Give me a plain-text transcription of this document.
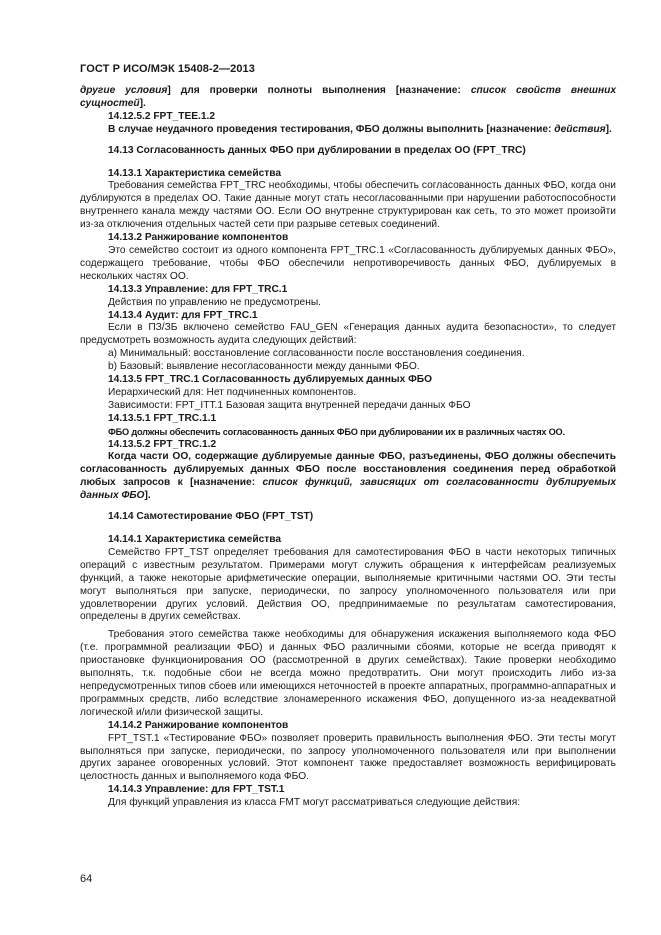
ГОСТ Р ИСО/МЭК 15408-2—2013

другие условия] для проверки полноты выполнения [назначение: список свойств внешних сущностей].

14.12.5.2 FPT_TEE.1.2

В случае неудачного проведения тестирования, ФБО должны выполнить [назначение: действия].

14.13 Согласованность данных ФБО при дублировании в пределах ОО (FPT_TRC)

14.13.1 Характеристика семейства

Требования семейства FPT_TRC необходимы, чтобы обеспечить согласованность данных ФБО, когда они дублируются в пределах ОО. Такие данные могут стать несогласованными при нарушении работоспособности внутреннего канала между частями ОО. Если ОО внутренне структурирован как сеть, то это может произойти из-за отключения отдельных частей сети при разрыве сетевых соединений.

14.13.2 Ранжирование компонентов

Это семейство состоит из одного компонента FPT_TRC.1 «Согласованность дублируемых данных ФБО», содержащего требование, чтобы ФБО обеспечили непротиворечивость данных ФБО, дублируемых в нескольких частях ОО.

14.13.3 Управление: для FPT_TRC.1

Действия по управлению не предусмотрены.

14.13.4 Аудит: для FPT_TRC.1

Если в ПЗ/ЗБ включено семейство FAU_GEN «Генерация данных аудита безопасности», то следует предусмотреть возможность аудита следующих действий:

a) Минимальный: восстановление согласованности после восстановления соединения.

b) Базовый: выявление несогласованности между данными ФБО.

14.13.5 FPT_TRC.1 Согласованность дублируемых данных ФБО

Иерархический для: Нет подчиненных компонентов.

Зависимости: FPT_ITT.1 Базовая защита внутренней передачи данных ФБО

14.13.5.1 FPT_TRC.1.1

ФБО должны обеспечить согласованность данных ФБО при дублировании их в различных частях ОО.

14.13.5.2 FPT_TRC.1.2

Когда части ОО, содержащие дублируемые данные ФБО, разъединены, ФБО должны обеспечить согласованность дублируемых данных ФБО после восстановления соединения перед обработкой любых запросов к [назначение: список функций, зависящих от согласованности дублируемых данных ФБО].

14.14 Самотестирование ФБО (FPT_TST)

14.14.1 Характеристика семейства

Семейство FPT_TST определяет требования для самотестирования ФБО в части некоторых типичных операций с известным результатом. Примерами могут служить обращения к интерфейсам реализуемых функций, а также некоторые арифметические операции, выполняемые критичными частями ОО. Эти тесты могут выполняться при запуске, периодически, по запросу уполномоченного пользователя или при удовлетворении других условий. Действия ОО, предпринимаемые по результатам самотестирования, определены в других семействах.

Требования этого семейства также необходимы для обнаружения искажения выполняемого кода ФБО (т.е. программной реализации ФБО) и данных ФБО различными сбоями, которые не всегда приводят к приостановке функционирования ОО (рассмотренной в других семействах). Такие проверки необходимо выполнять, т.к. подобные сбои не всегда можно предотвратить. Они могут происходить либо из-за непредусмотренных типов сбоев или имеющихся неточностей в проекте аппаратных, программно-аппаратных и программных средств, либо вследствие злонамеренного искажения ФБО, допущенного из-за неадекватной логической и/или физической защиты.

14.14.2 Ранжирование компонентов

FPT_TST.1 «Тестирование ФБО» позволяет проверить правильность выполнения ФБО. Эти тесты могут выполняться при запуске, периодически, по запросу уполномоченного пользователя или при выполнении других заранее оговоренных условий. Этот компонент также предоставляет возможность верифицировать целостность данных и выполняемого кода ФБО.

14.14.3 Управление: для FPT_TST.1

Для функций управления из класса FMT могут рассматриваться следующие действия:

64
